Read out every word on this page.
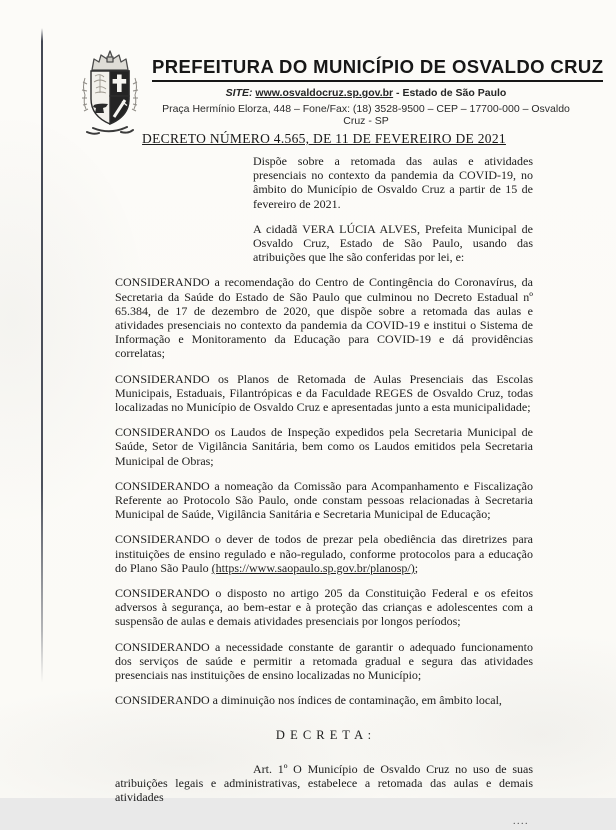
PREFEITURA DO MUNICÍPIO DE OSVALDO CRUZ
SITE: www.osvaldocruz.sp.gov.br - Estado de São Paulo
Praça Hermínio Elorza, 448 – Fone/Fax: (18) 3528-9500 – CEP – 17700-000 – Osvaldo Cruz - SP
DECRETO NÚMERO 4.565, DE 11 DE FEVEREIRO DE 2021

Dispõe sobre a retomada das aulas e atividades presenciais no contexto da pandemia da COVID-19, no âmbito do Município de Osvaldo Cruz a partir de 15 de fevereiro de 2021.

A cidadã VERA LÚCIA ALVES, Prefeita Municipal de Osvaldo Cruz, Estado de São Paulo, usando das atribuições que lhe são conferidas por lei, e:

CONSIDERANDO a recomendação do Centro de Contingência do Coronavírus, da Secretaria da Saúde do Estado de São Paulo que culminou no Decreto Estadual nº 65.384, de 17 de dezembro de 2020, que dispõe sobre a retomada das aulas e atividades presenciais no contexto da pandemia da COVID-19 e institui o Sistema de Informação e Monitoramento da Educação para COVID-19 e dá providências correlatas;

CONSIDERANDO os Planos de Retomada de Aulas Presenciais das Escolas Municipais, Estaduais, Filantrópicas e da Faculdade REGES de Osvaldo Cruz, todas localizadas no Município de Osvaldo Cruz e apresentadas junto a esta municipalidade;

CONSIDERANDO os Laudos de Inspeção expedidos pela Secretaria Municipal de Saúde, Setor de Vigilância Sanitária, bem como os Laudos emitidos pela Secretaria Municipal de Obras;

CONSIDERANDO a nomeação da Comissão para Acompanhamento e Fiscalização Referente ao Protocolo São Paulo, onde constam pessoas relacionadas à Secretaria Municipal de Saúde, Vigilância Sanitária e Secretaria Municipal de Educação;

CONSIDERANDO o dever de todos de prezar pela obediência das diretrizes para instituições de ensino regulado e não-regulado, conforme protocolos para a educação do Plano São Paulo (https://www.saopaulo.sp.gov.br/planosp/);

CONSIDERANDO o disposto no artigo 205 da Constituição Federal e os efeitos adversos à segurança, ao bem-estar e à proteção das crianças e adolescentes com a suspensão de aulas e demais atividades presenciais por longos períodos;

CONSIDERANDO a necessidade constante de garantir o adequado funcionamento dos serviços de saúde e permitir a retomada gradual e segura das atividades presenciais nas instituições de ensino localizadas no Município;

CONSIDERANDO a diminuição nos índices de contaminação, em âmbito local,

D E C R E T A :

Art. 1º O Município de Osvaldo Cruz no uso de suas atribuições legais e administrativas, estabelece a retomada das aulas e demais atividades

....
